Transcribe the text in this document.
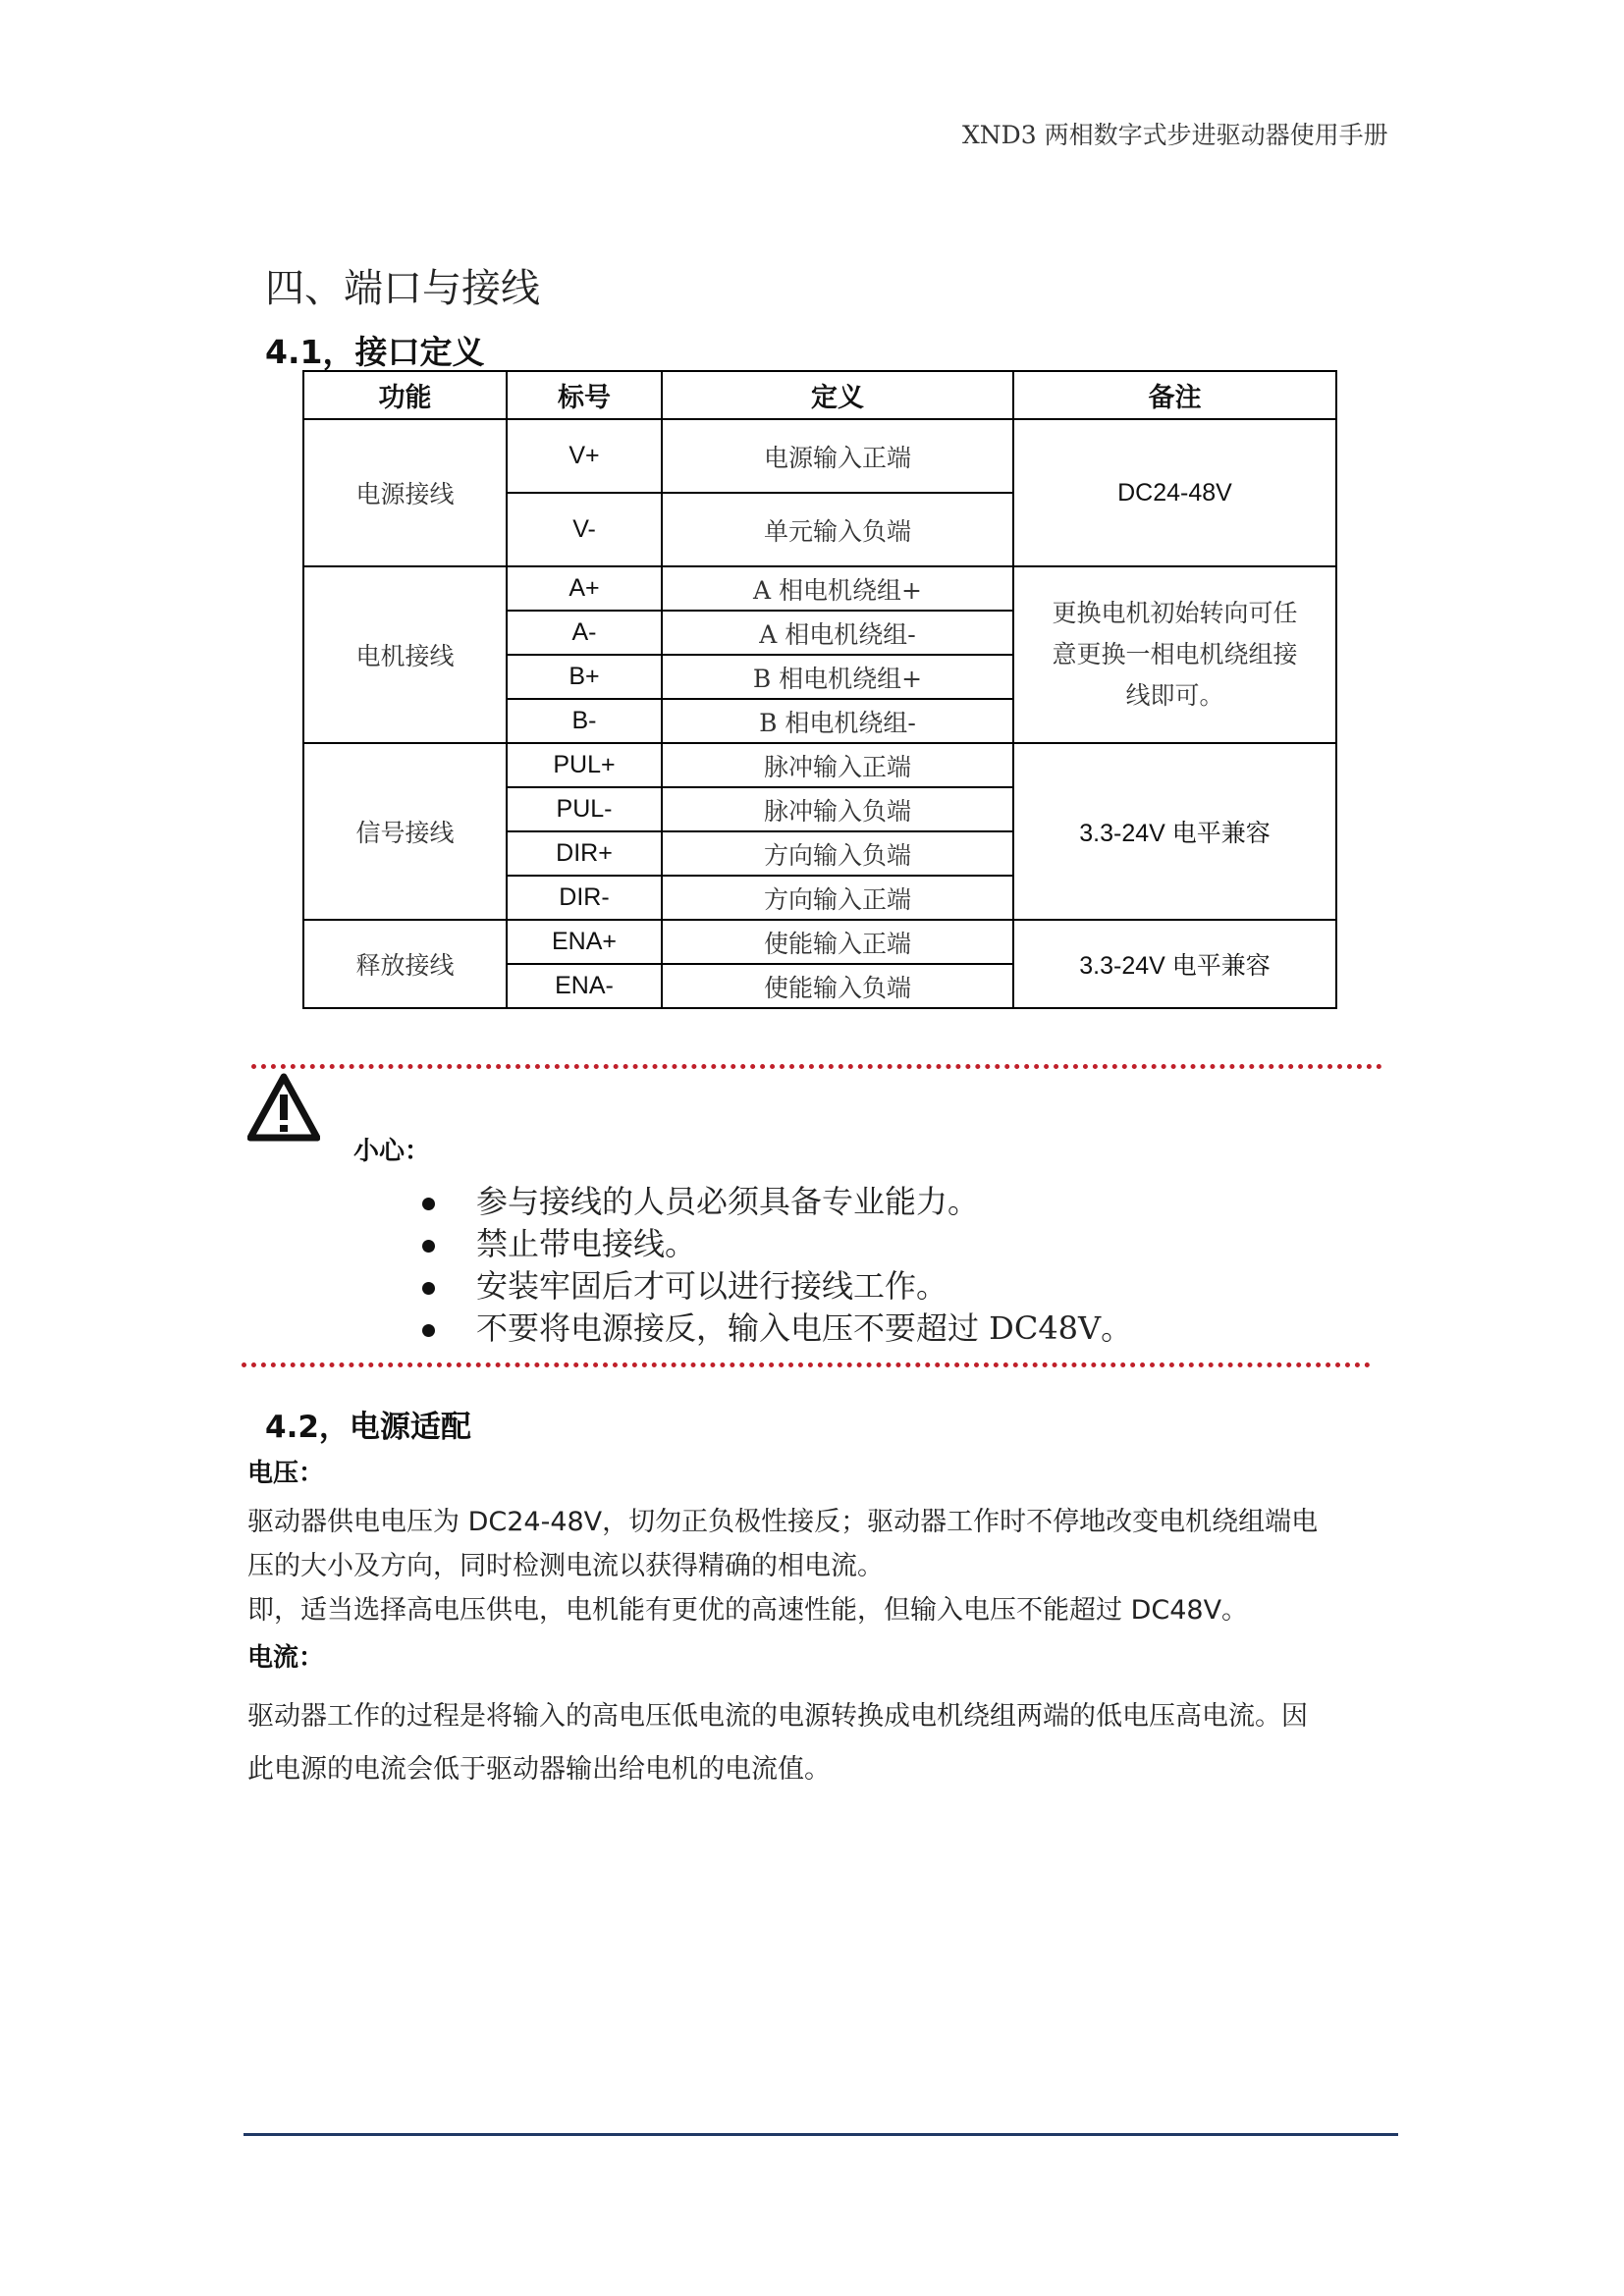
XND3 两相数字式步进驱动器使用手册
四、端口与接线
4.1，接口定义
功能	标号	定义	备注
电源接线	V+	电源输入正端	DC24-48V
	V-	单元输入负端	
电机接线	A+	A 相电机绕组+	更换电机初始转向可任
意更换一相电机绕组接
线即可。

	A-	A 相电机绕组-	
	B+	B 相电机绕组+	
	B-	B 相电机绕组-	
信号接线	PUL+	脉冲输入正端	3.3-24V 电平兼容
	PUL-	脉冲输入负端	
	DIR+	方向输入负端	
	DIR-	方向输入正端	
释放接线	ENA+	使能输入正端	3.3-24V 电平兼容
	ENA-	使能输入负端	
小心：
参与接线的人员必须具备专业能力。
禁止带电接线。
安装牢固后才可以进行接线工作。
不要将电源接反，输入电压不要超过 DC48V。
4.2，电源适配
电压：
驱动器供电电压为 DC24-48V，切勿正负极性接反；驱动器工作时不停地改变电机绕组端电
压的大小及方向，同时检测电流以获得精确的相电流。
即，适当选择高电压供电，电机能有更优的高速性能，但输入电压不能超过 DC48V。
电流：
驱动器工作的过程是将输入的高电压低电流的电源转换成电机绕组两端的低电压高电流。因
此电源的电流会低于驱动器输出给电机的电流值。
